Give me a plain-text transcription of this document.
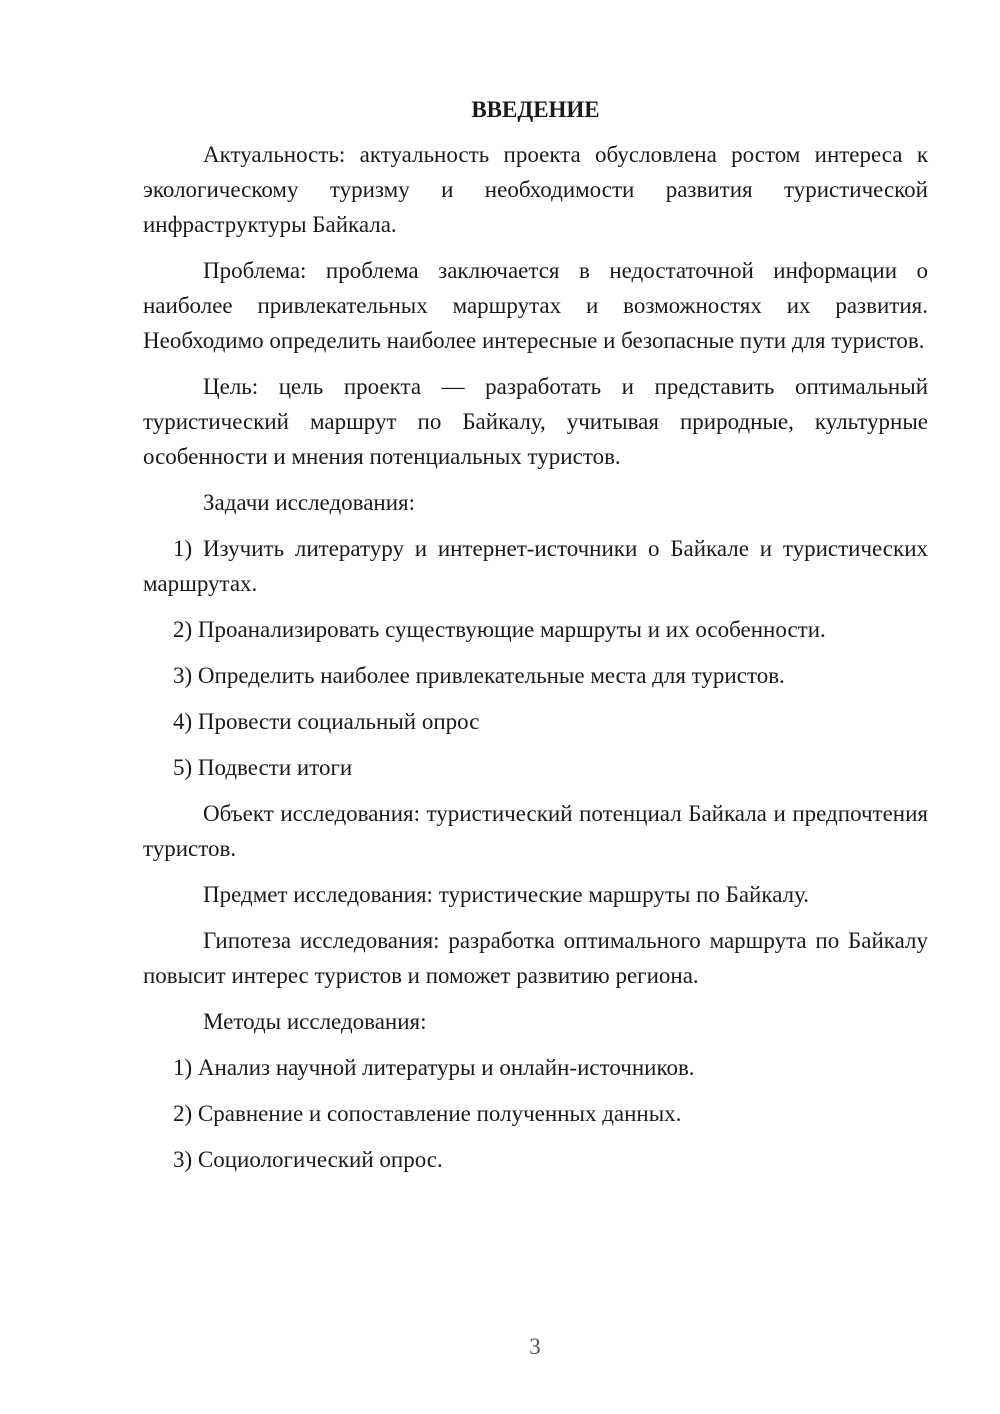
ВВЕДЕНИЕ

Актуальность: актуальность проекта обусловлена ростом интереса к экологическому туризму и необходимости развития туристической инфраструктуры Байкала.

Проблема: проблема заключается в недостаточной информации о наиболее привлекательных маршрутах и возможностях их развития. Необходимо определить наиболее интересные и безопасные пути для туристов.

Цель: цель проекта — разработать и представить оптимальный туристический маршрут по Байкалу, учитывая природные, культурные особенности и мнения потенциальных туристов.

Задачи исследования:

1) Изучить литературу и интернет-источники о Байкале и туристических маршрутах.

2) Проанализировать существующие маршруты и их особенности.

3) Определить наиболее привлекательные места для туристов.

4) Провести социальный опрос

5) Подвести итоги

Объект исследования: туристический потенциал Байкала и предпочтения туристов.

Предмет исследования: туристические маршруты по Байкалу.

Гипотеза исследования: разработка оптимального маршрута по Байкалу повысит интерес туристов и поможет развитию региона.

Методы исследования:

1) Анализ научной литературы и онлайн-источников.

2) Сравнение и сопоставление полученных данных.

3) Социологический опрос.

3
